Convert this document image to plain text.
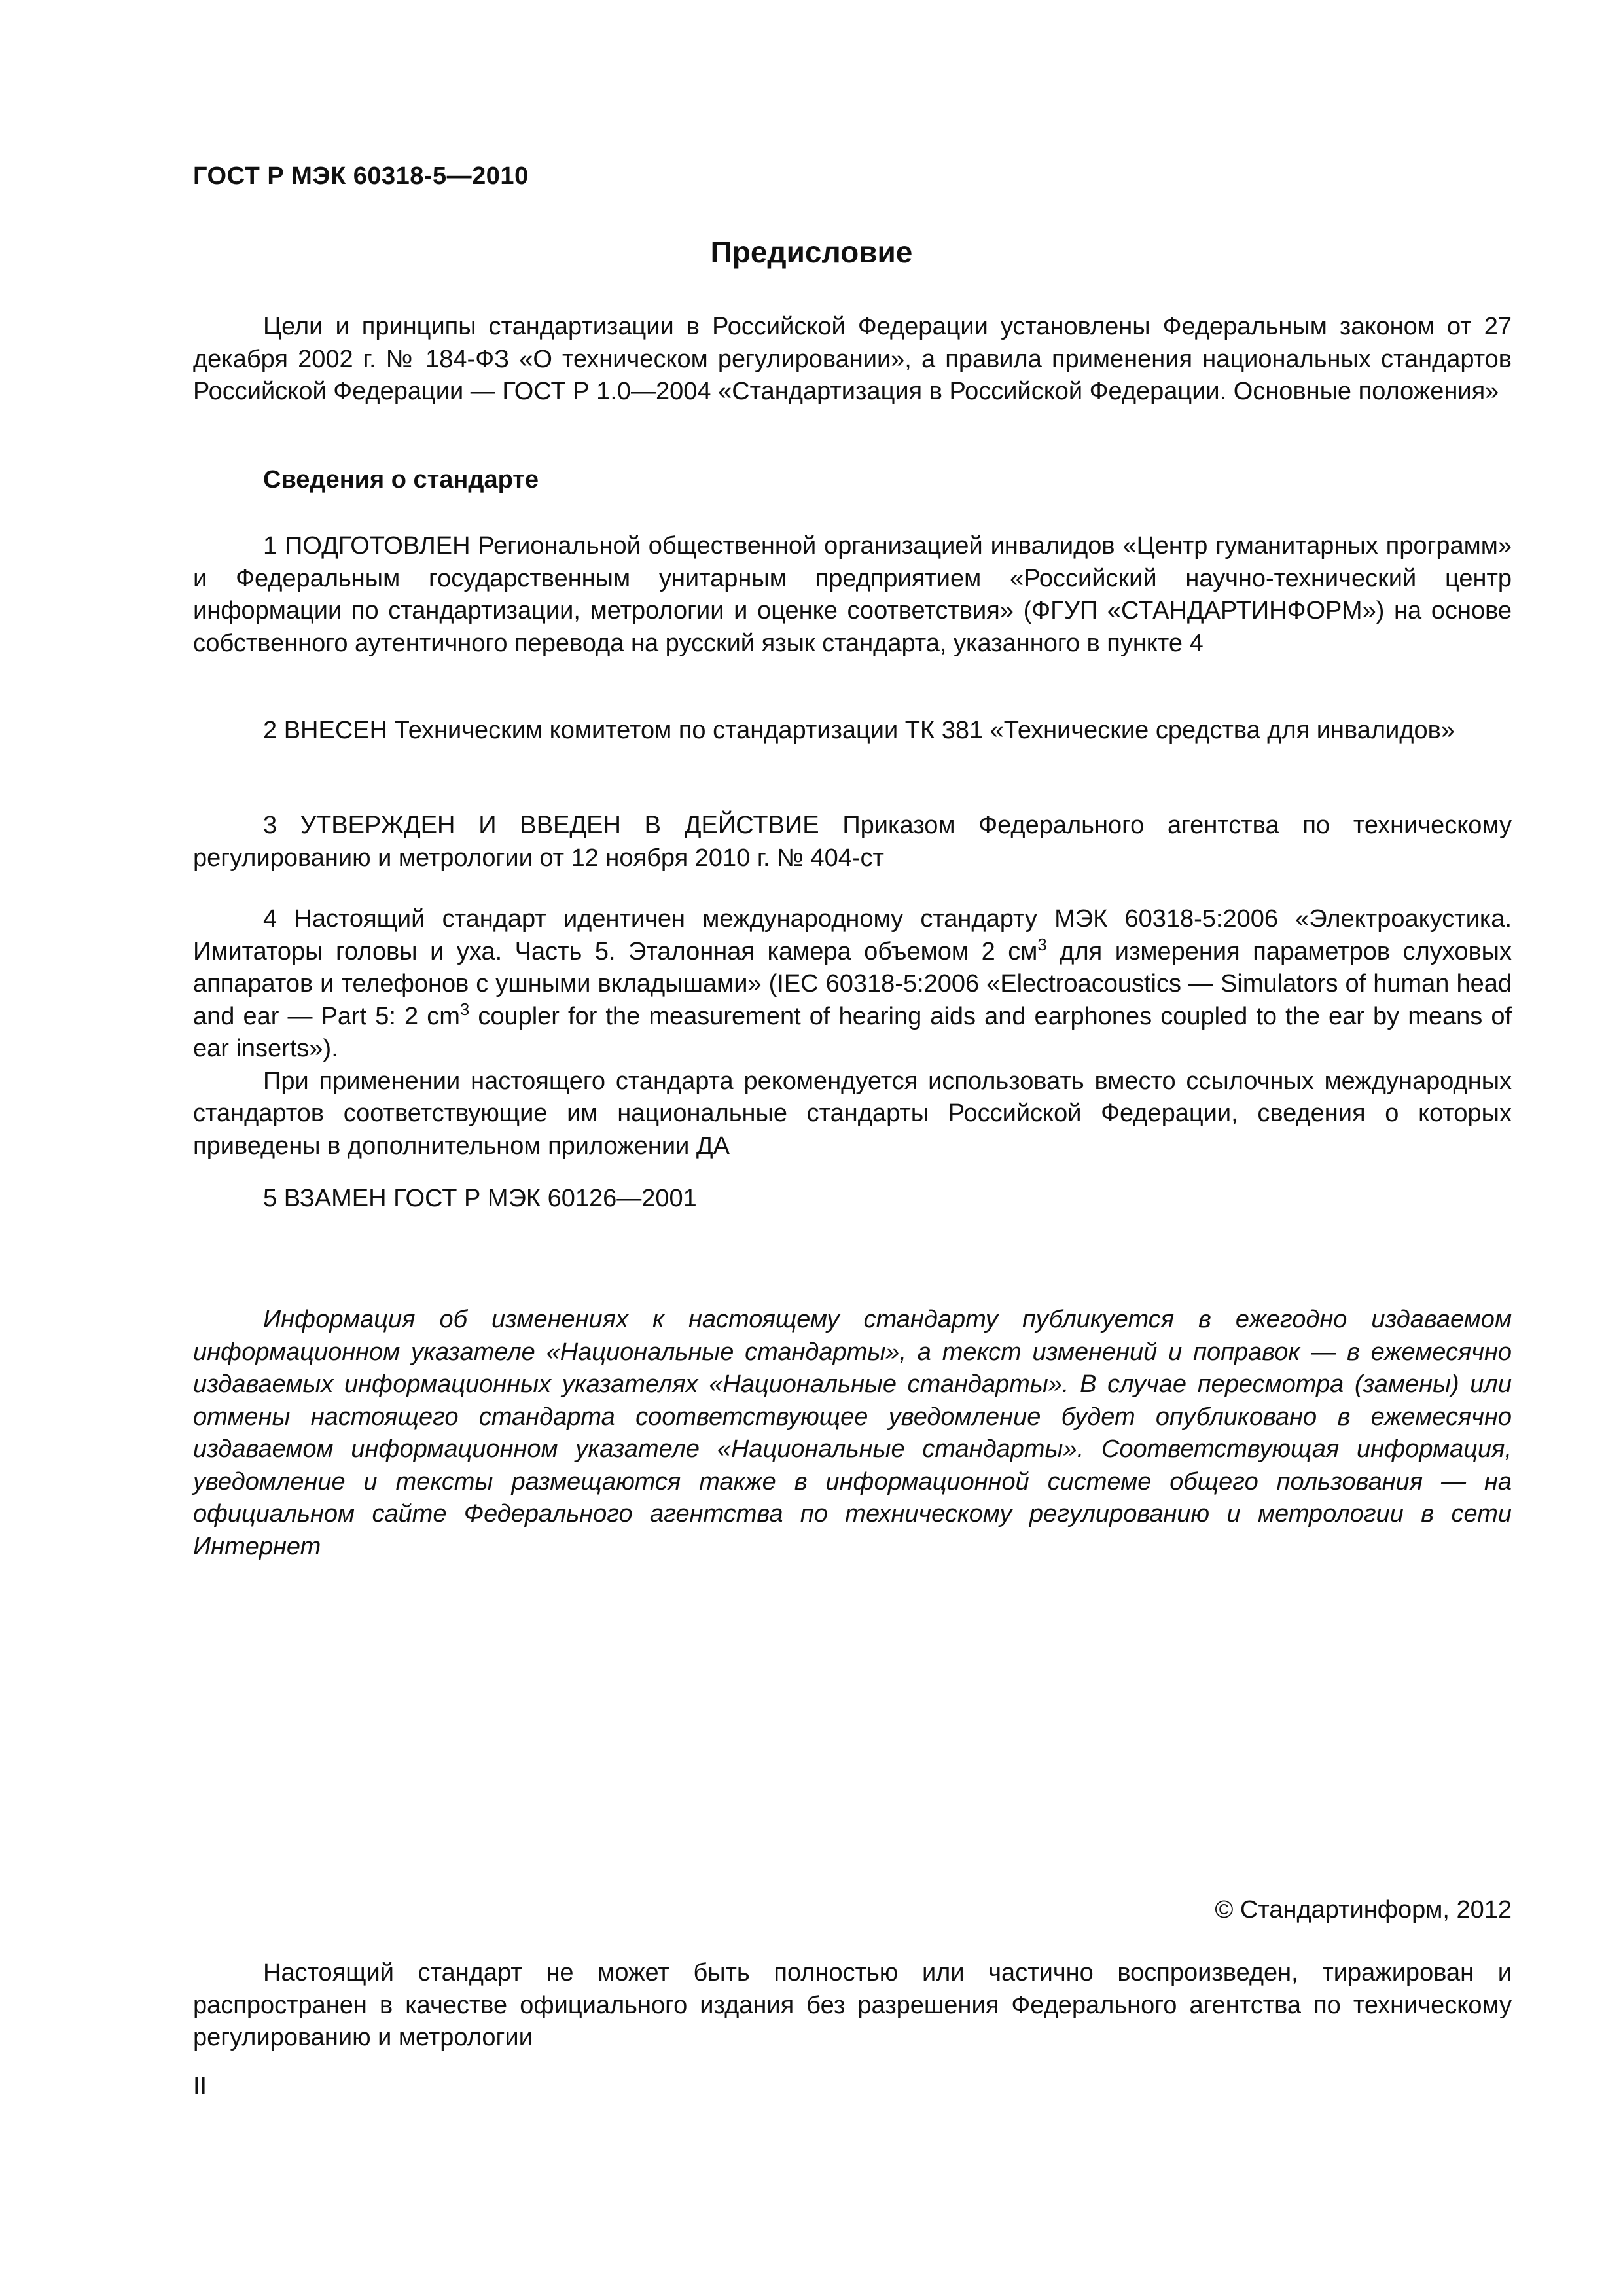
ГОСТ Р МЭК 60318-5—2010
Предисловие

Цели и принципы стандартизации в Российской Федерации установлены Федеральным законом от 27 декабря 2002 г. № 184-ФЗ «О техническом регулировании», а правила применения национальных стандартов Российской Федерации — ГОСТ Р 1.0—2004 «Стандартизация в Российской Федерации. Основные положения»

Сведения о стандарте

1 ПОДГОТОВЛЕН Региональной общественной организацией инвалидов «Центр гуманитарных программ» и Федеральным государственным унитарным предприятием «Российский научно-технический центр информации по стандартизации, метрологии и оценке соответствия» (ФГУП «СТАНДАРТИНФОРМ») на основе собственного аутентичного перевода на русский язык стандарта, указанного в пункте 4

2 ВНЕСЕН Техническим комитетом по стандартизации ТК 381 «Технические средства для инвалидов»

3 УТВЕРЖДЕН И ВВЕДЕН В ДЕЙСТВИЕ Приказом Федерального агентства по техническому регулированию и метрологии от 12 ноября 2010 г. № 404-ст

4 Настоящий стандарт идентичен международному стандарту МЭК 60318-5:2006 «Электроакустика. Имитаторы головы и уха. Часть 5. Эталонная камера объемом 2 $см^3$ для измерения параметров слуховых аппаратов и телефонов с ушными вкладышами» (IEC 60318-5:2006 «Electroacoustics — Simulators of human head and ear — Part 5: 2 $cm^3$ coupler for the measurement of hearing aids and earphones coupled to the ear by means of ear inserts»).

При применении настоящего стандарта рекомендуется использовать вместо ссылочных международных стандартов соответствующие им национальные стандарты Российской Федерации, сведения о которых приведены в дополнительном приложении ДА

5 ВЗАМЕН ГОСТ Р МЭК 60126—2001

Информация об изменениях к настоящему стандарту публикуется в ежегодно издаваемом информационном указателе «Национальные стандарты», а текст изменений и поправок — в ежемесячно издаваемых информационных указателях «Национальные стандарты». В случае пересмотра (замены) или отмены настоящего стандарта соответствующее уведомление будет опубликовано в ежемесячно издаваемом информационном указателе «Национальные стандарты». Соответствующая информация, уведомление и тексты размещаются также в информационной системе общего пользования — на официальном сайте Федерального агентства по техническому регулированию и метрологии в сети Интернет

© Стандартинформ, 2012

Настоящий стандарт не может быть полностью или частично воспроизведен, тиражирован и распространен в качестве официального издания без разрешения Федерального агентства по техническому регулированию и метрологии

II
